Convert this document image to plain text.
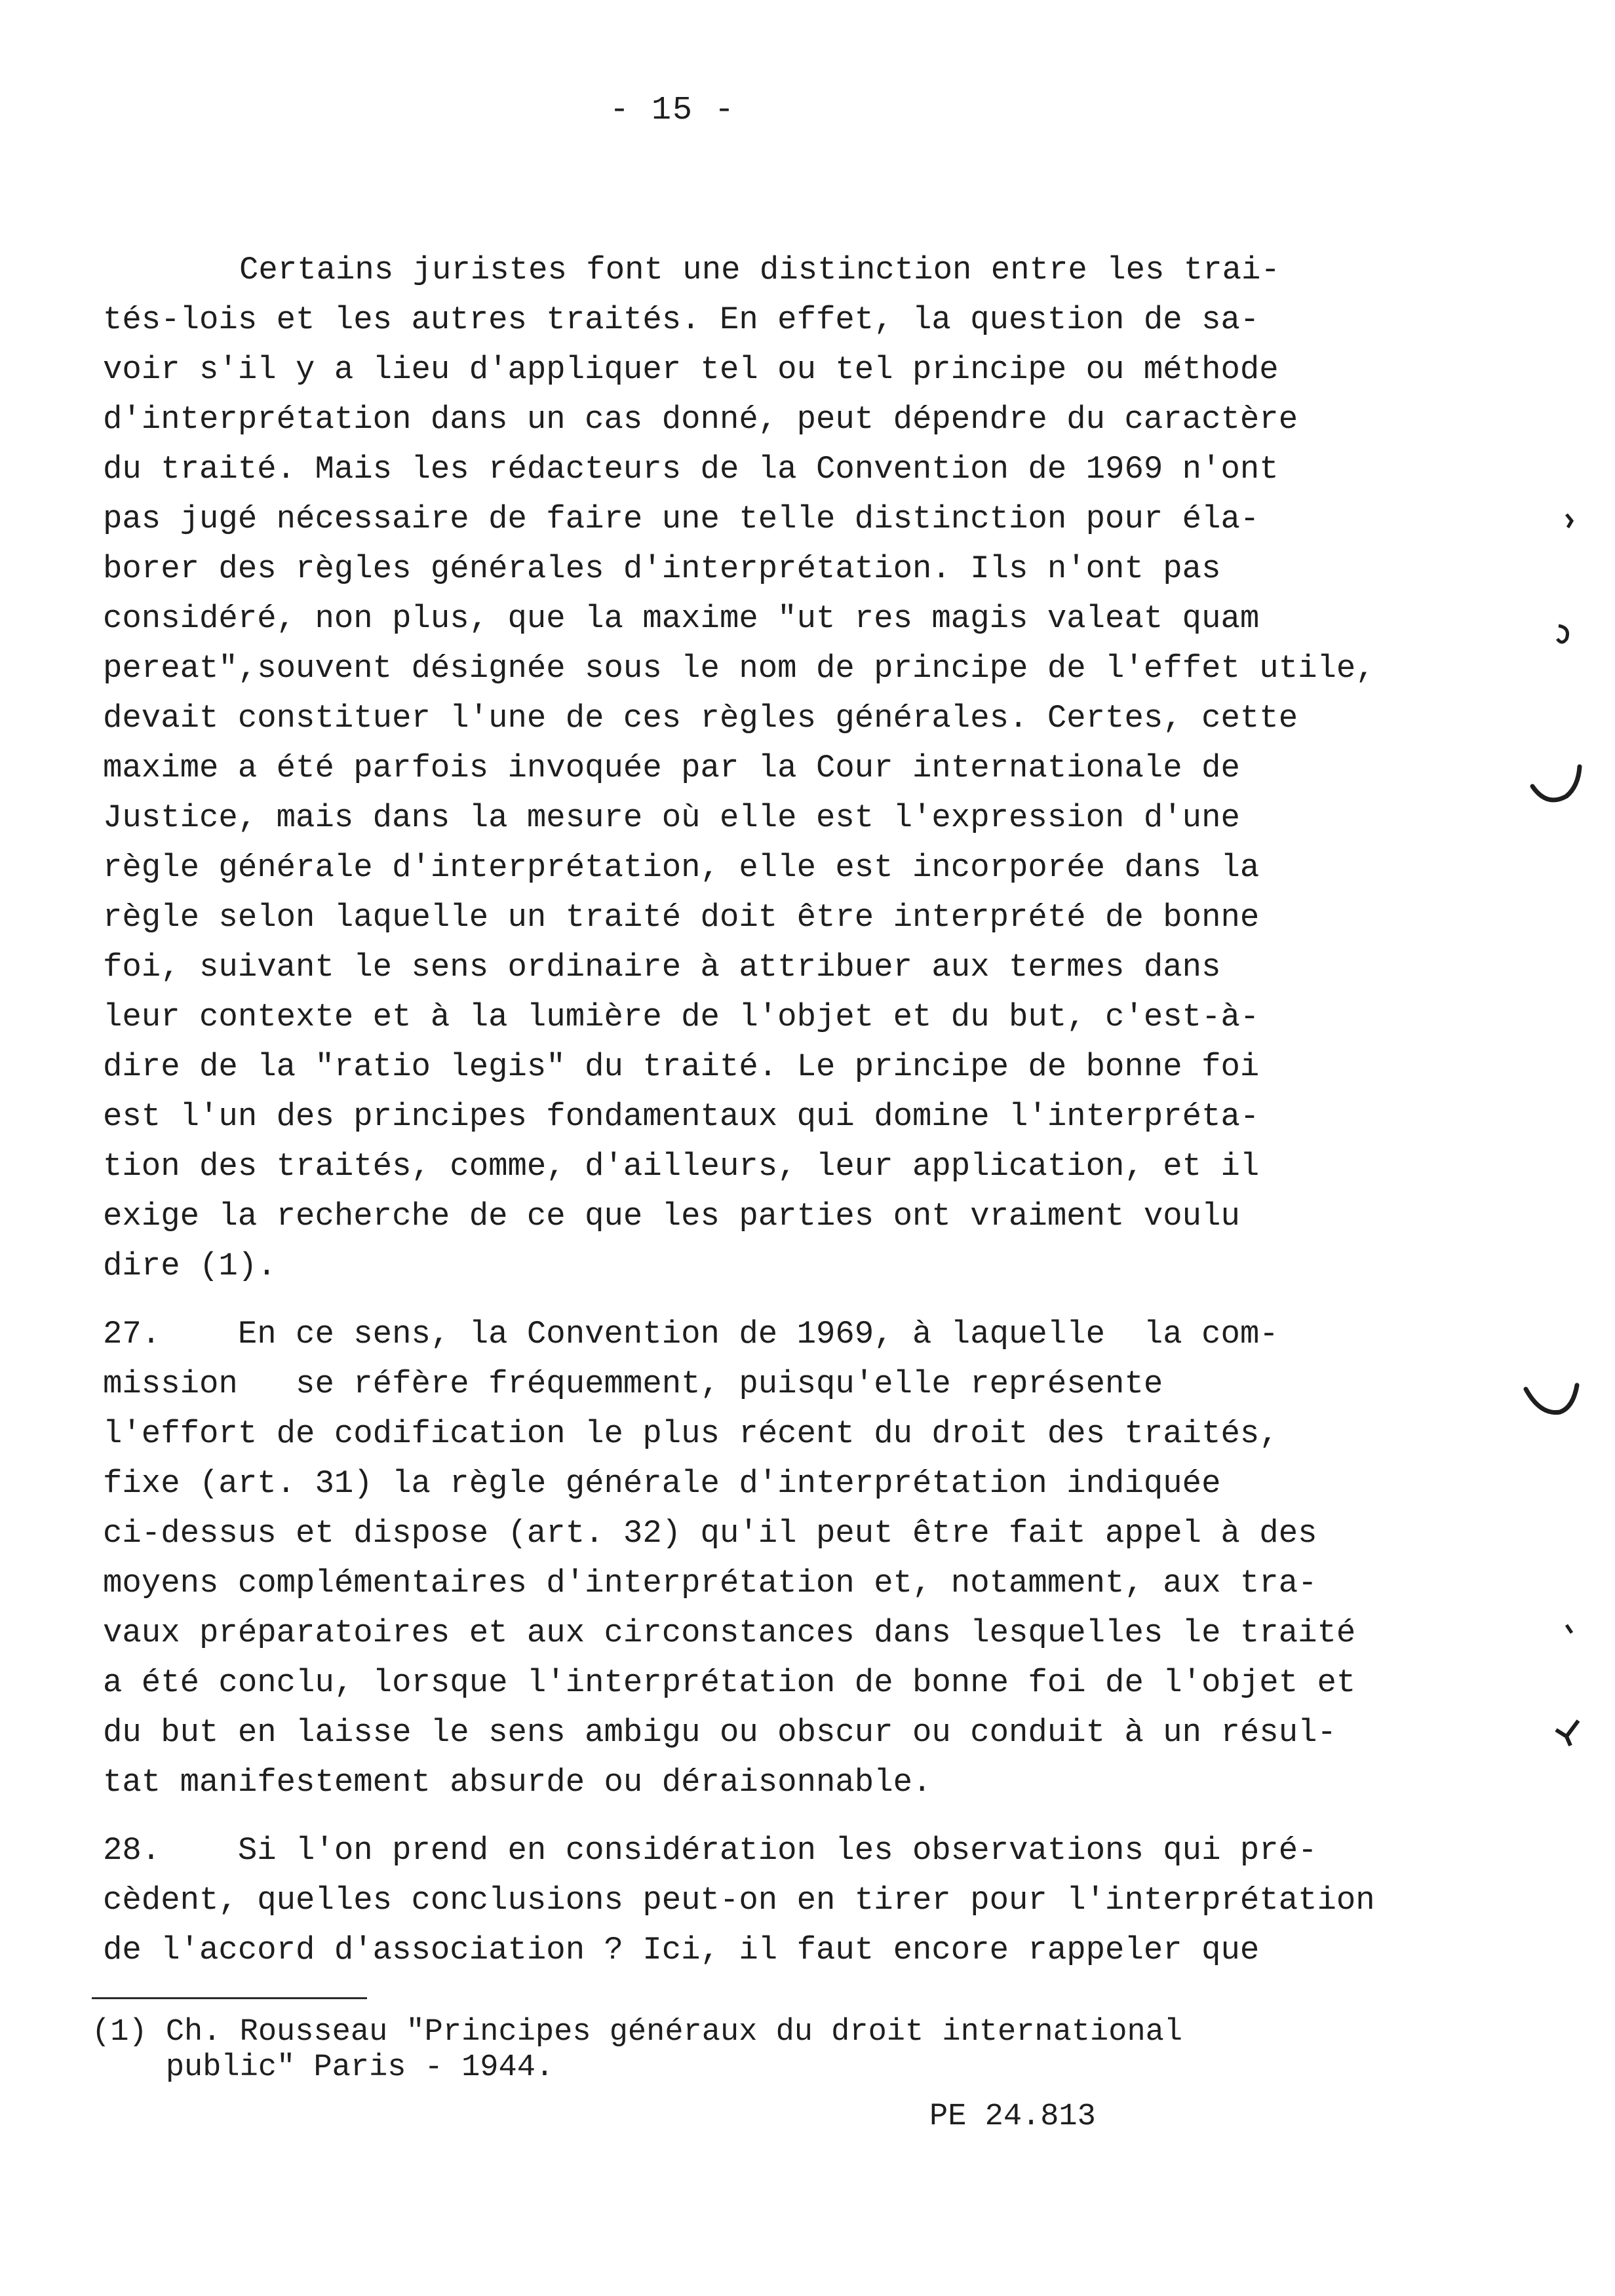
- 15 -
Certains juristes font une distinction entre les trai-
tés-lois et les autres traités. En effet, la question de sa-
voir s'il y a lieu d'appliquer tel ou tel principe ou méthode
d'interprétation dans un cas donné, peut dépendre du caractère
du traité. Mais les rédacteurs de la Convention de 1969 n'ont
pas jugé nécessaire de faire une telle distinction pour éla-
borer des règles générales d'interprétation. Ils n'ont pas
considéré, non plus, que la maxime "ut res magis valeat quam
pereat",souvent désignée sous le nom de principe de l'effet utile,
devait constituer l'une de ces règles générales. Certes, cette
maxime a été parfois invoquée par la Cour internationale de
Justice, mais dans la mesure où elle est l'expression d'une
règle générale d'interprétation, elle est incorporée dans la
règle selon laquelle un traité doit être interprété de bonne
foi, suivant le sens ordinaire à attribuer aux termes dans
leur contexte et à la lumière de l'objet et du but, c'est-à-
dire de la "ratio legis" du traité. Le principe de bonne foi
est l'un des principes fondamentaux qui domine l'interpréta-
tion des traités, comme, d'ailleurs, leur application, et il
exige la recherche de ce que les parties ont vraiment voulu
dire (1).
27.    En ce sens, la Convention de 1969, à laquelle  la com-
mission   se réfère fréquemment, puisqu'elle représente
l'effort de codification le plus récent du droit des traités,
fixe (art. 31) la règle générale d'interprétation indiquée
ci-dessus et dispose (art. 32) qu'il peut être fait appel à des
moyens complémentaires d'interprétation et, notamment, aux tra-
vaux préparatoires et aux circonstances dans lesquelles le traité
a été conclu, lorsque l'interprétation de bonne foi de l'objet et
du but en laisse le sens ambigu ou obscur ou conduit à un résul-
tat manifestement absurde ou déraisonnable.
28.    Si l'on prend en considération les observations qui pré-
cèdent, quelles conclusions peut-on en tirer pour l'interprétation
de l'accord d'association ? Ici, il faut encore rappeler que
(1) Ch. Rousseau "Principes généraux du droit international
public" Paris - 1944.
PE 24.813
